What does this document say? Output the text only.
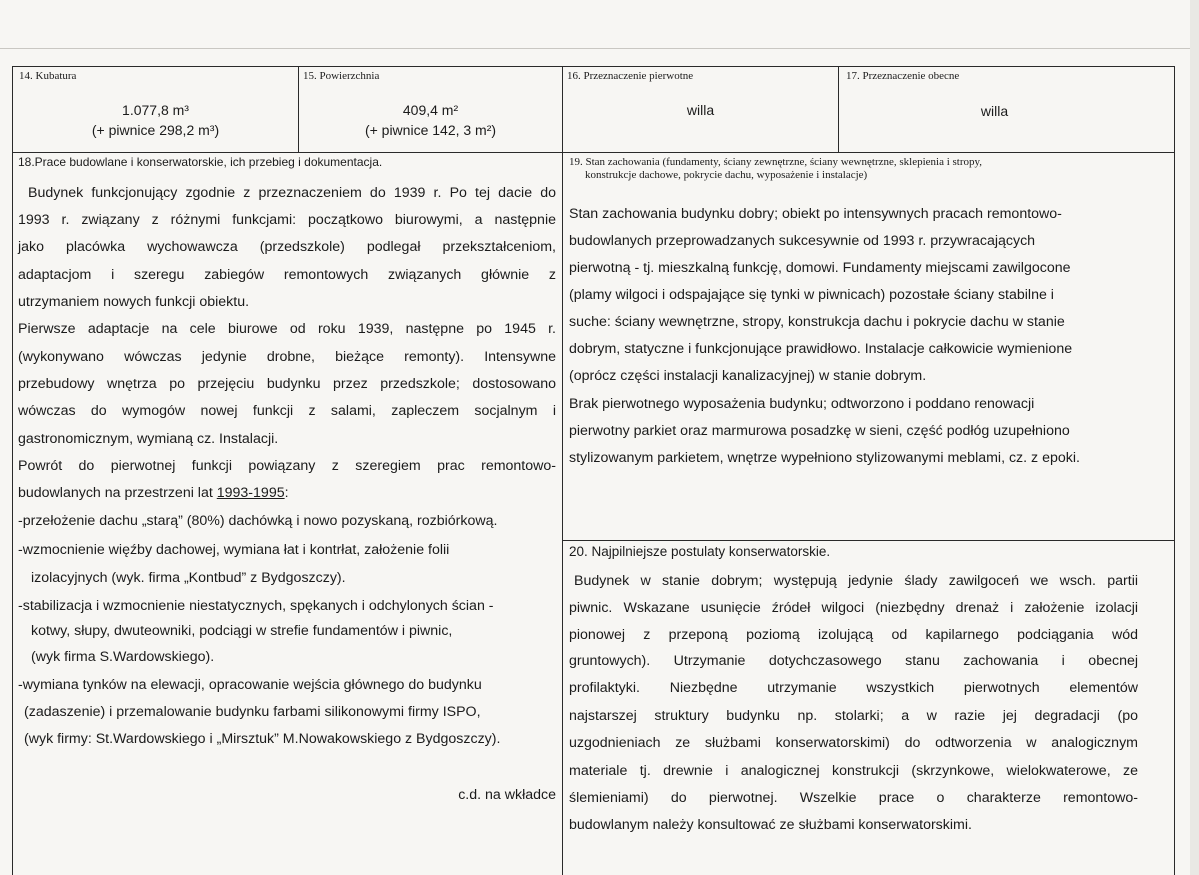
14. Kubatura
1.077,8 m³
(+ piwnice 298,2 m³)
15. Powierzchnia
409,4 m²
(+ piwnice 142, 3 m²)
16. Przeznaczenie pierwotne
willa
17. Przeznaczenie obecne
willa
18.Prace budowlane i konserwatorskie, ich przebieg i dokumentacja.
Budynek funkcjonujący zgodnie z przeznaczeniem do 1939 r. Po tej dacie do
1993 r. związany z różnymi funkcjami: początkowo biurowymi, a następnie
jako placówka wychowawcza (przedszkole) podlegał przekształceniom,
adaptacjom i szeregu zabiegów remontowych związanych głównie z
utrzymaniem nowych funkcji obiektu.
Pierwsze adaptacje na cele biurowe od roku 1939, następne po 1945 r.
(wykonywano wówczas jedynie drobne, bieżące remonty). Intensywne
przebudowy wnętrza po przejęciu budynku przez przedszkole; dostosowano
wówczas do wymogów nowej funkcji z salami, zapleczem socjalnym i
gastronomicznym, wymianą cz. Instalacji.
Powrót do pierwotnej funkcji powiązany z szeregiem prac remontowo-
budowlanych na przestrzeni lat 1993-1995:
-przełożenie dachu „starą” (80%) dachówką i nowo pozyskaną, rozbiórkową.
-wzmocnienie więźby dachowej, wymiana łat i kontrłat, założenie folii
izolacyjnych (wyk. firma „Kontbud” z Bydgoszczy).
-stabilizacja i wzmocnienie niestatycznych, spękanych i odchylonych ścian -
kotwy, słupy, dwuteowniki, podciągi w strefie fundamentów i piwnic,
(wyk firma S.Wardowskiego).
-wymiana tynków na elewacji, opracowanie wejścia głównego do budynku
(zadaszenie) i przemalowanie budynku farbami silikonowymi firmy ISPO,
(wyk firmy: St.Wardowskiego i „Mirsztuk” M.Nowakowskiego z Bydgoszczy).
c.d. na wkładce
19. Stan zachowania (fundamenty, ściany zewnętrzne, ściany wewnętrzne, sklepienia i stropy,
konstrukcje dachowe, pokrycie dachu, wyposażenie i instalacje)
Stan zachowania budynku dobry; obiekt po intensywnych pracach remontowo-
budowlanych przeprowadzanych sukcesywnie od 1993 r. przywracających
pierwotną - tj. mieszkalną funkcję, domowi. Fundamenty miejscami zawilgocone
(plamy wilgoci i odspajające się tynki w piwnicach) pozostałe ściany stabilne i
suche: ściany wewnętrzne, stropy, konstrukcja dachu i pokrycie dachu w stanie
dobrym, statyczne i funkcjonujące prawidłowo. Instalacje całkowicie wymienione
(oprócz części instalacji kanalizacyjnej) w stanie dobrym.
Brak pierwotnego wyposażenia budynku; odtworzono i poddano renowacji
pierwotny parkiet oraz marmurowa posadzkę w sieni, część podłóg uzupełniono
stylizowanym parkietem, wnętrze wypełniono stylizowanymi meblami, cz. z epoki.
20. Najpilniejsze postulaty konserwatorskie.
Budynek w stanie dobrym; występują jedynie ślady zawilgoceń we wsch. partii
piwnic. Wskazane usunięcie źródeł wilgoci (niezbędny drenaż i założenie izolacji
pionowej z przeponą poziomą izolującą od kapilarnego podciągania wód
gruntowych). Utrzymanie dotychczasowego stanu zachowania i obecnej
profilaktyki. Niezbędne utrzymanie wszystkich pierwotnych elementów
najstarszej struktury budynku np. stolarki; a w razie jej degradacji (po
uzgodnieniach ze służbami konserwatorskimi) do odtworzenia w analogicznym
materiale tj. drewnie i analogicznej konstrukcji (skrzynkowe, wielokwaterowe, ze
ślemieniami) do pierwotnej. Wszelkie prace o charakterze remontowo-
budowlanym należy konsultować ze służbami konserwatorskimi.
